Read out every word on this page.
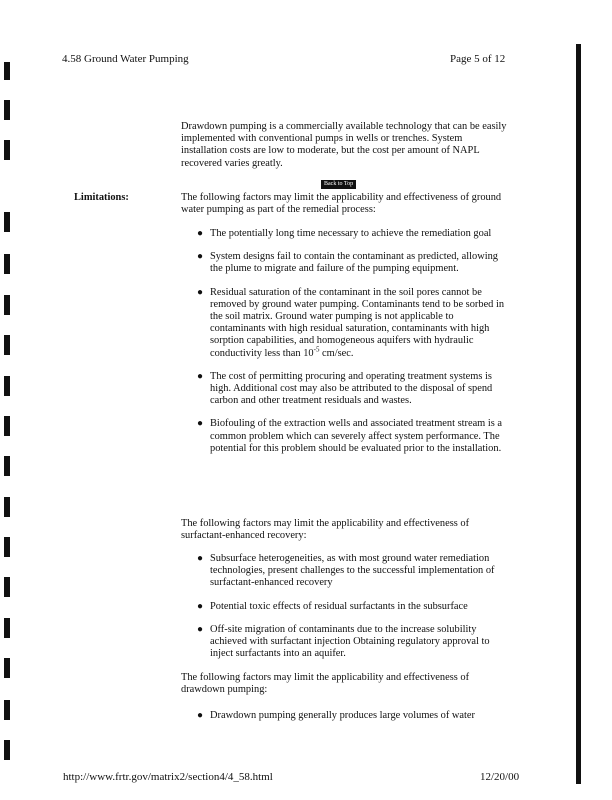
4.58 Ground Water Pumping	Page 5 of 12
Drawdown pumping is a commercially available technology that can be easily implemented with conventional pumps in wells or trenches. System installation costs are low to moderate, but the cost per amount of NAPL recovered varies greatly.
Back to Top
Limitations:	The following factors may limit the applicability and effectiveness of ground water pumping as part of the remedial process:
● The potentially long time necessary to achieve the remediation goal
● System designs fail to contain the contaminant as predicted, allowing the plume to migrate and failure of the pumping equipment.
● Residual saturation of the contaminant in the soil pores cannot be removed by ground water pumping. Contaminants tend to be sorbed in the soil matrix. Ground water pumping is not applicable to contaminants with high residual saturation, contaminants with high sorption capabilities, and homogeneous aquifers with hydraulic conductivity less than $10^{-5}$ cm/sec.
● The cost of permitting procuring and operating treatment systems is high. Additional cost may also be attributed to the disposal of spend carbon and other treatment residuals and wastes.
● Biofouling of the extraction wells and associated treatment stream is a common problem which can severely affect system performance. The potential for this problem should be evaluated prior to the installation.
The following factors may limit the applicability and effectiveness of surfactant-enhanced recovery:
● Subsurface heterogeneities, as with most ground water remediation technologies, present challenges to the successful implementation of surfactant-enhanced recovery
● Potential toxic effects of residual surfactants in the subsurface
● Off-site migration of contaminants due to the increase solubility achieved with surfactant injection Obtaining regulatory approval to inject surfactants into an aquifer.
The following factors may limit the applicability and effectiveness of drawdown pumping:
● Drawdown pumping generally produces large volumes of water
http://www.frtr.gov/matrix2/section4/4_58.html	12/20/00
